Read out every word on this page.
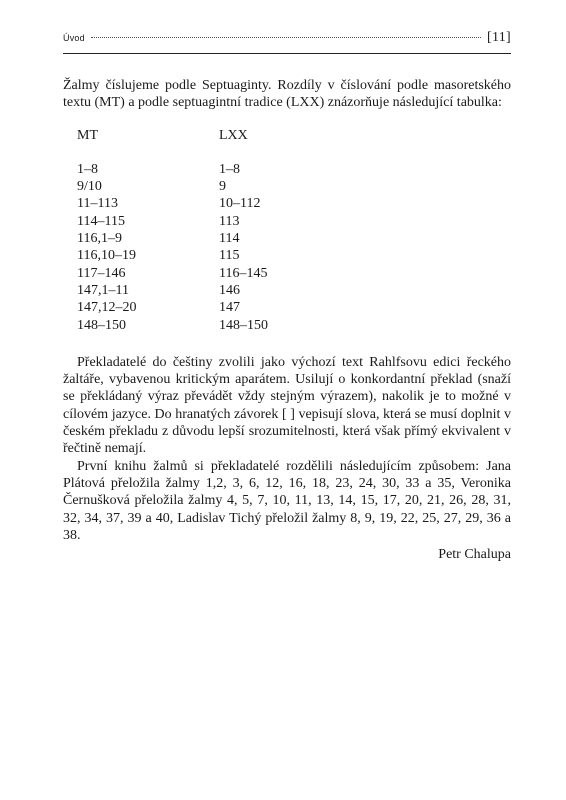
Úvod	[11]

Žalmy číslujeme podle Septuaginty. Rozdíly v číslování podle masoretského textu (MT) a podle septuagintní tradice (LXX) znázorňuje následující tabulka:

MT	LXX
1–8	1–8
9/10	9
11–113	10–112
114–115	113
116,1–9	114
116,10–19	115
117–146	116–145
147,1–11	146
147,12–20	147
148–150	148–150

Překladatelé do češtiny zvolili jako výchozí text Rahlfsovu edici řeckého žaltáře, vybavenou kritickým aparátem. Usilují o konkordantní překlad (snaží se překládaný výraz převádět vždy stejným výrazem), nakolik je to možné v cílovém jazyce. Do hranatých závorek [ ] vepisují slova, která se musí doplnit v českém překladu z důvodu lepší srozumitelnosti, která však přímý ekvivalent v řečtině nemají.

První knihu žalmů si překladatelé rozdělili následujícím způsobem: Jana Plátová přeložila žalmy 1,2, 3, 6, 12, 16, 18, 23, 24, 30, 33 a 35, Veronika Černušková přeložila žalmy 4, 5, 7, 10, 11, 13, 14, 15, 17, 20, 21, 26, 28, 31, 32, 34, 37, 39 a 40, Ladislav Tichý přeložil žalmy 8, 9, 19, 22, 25, 27, 29, 36 a 38.

Petr Chalupa
